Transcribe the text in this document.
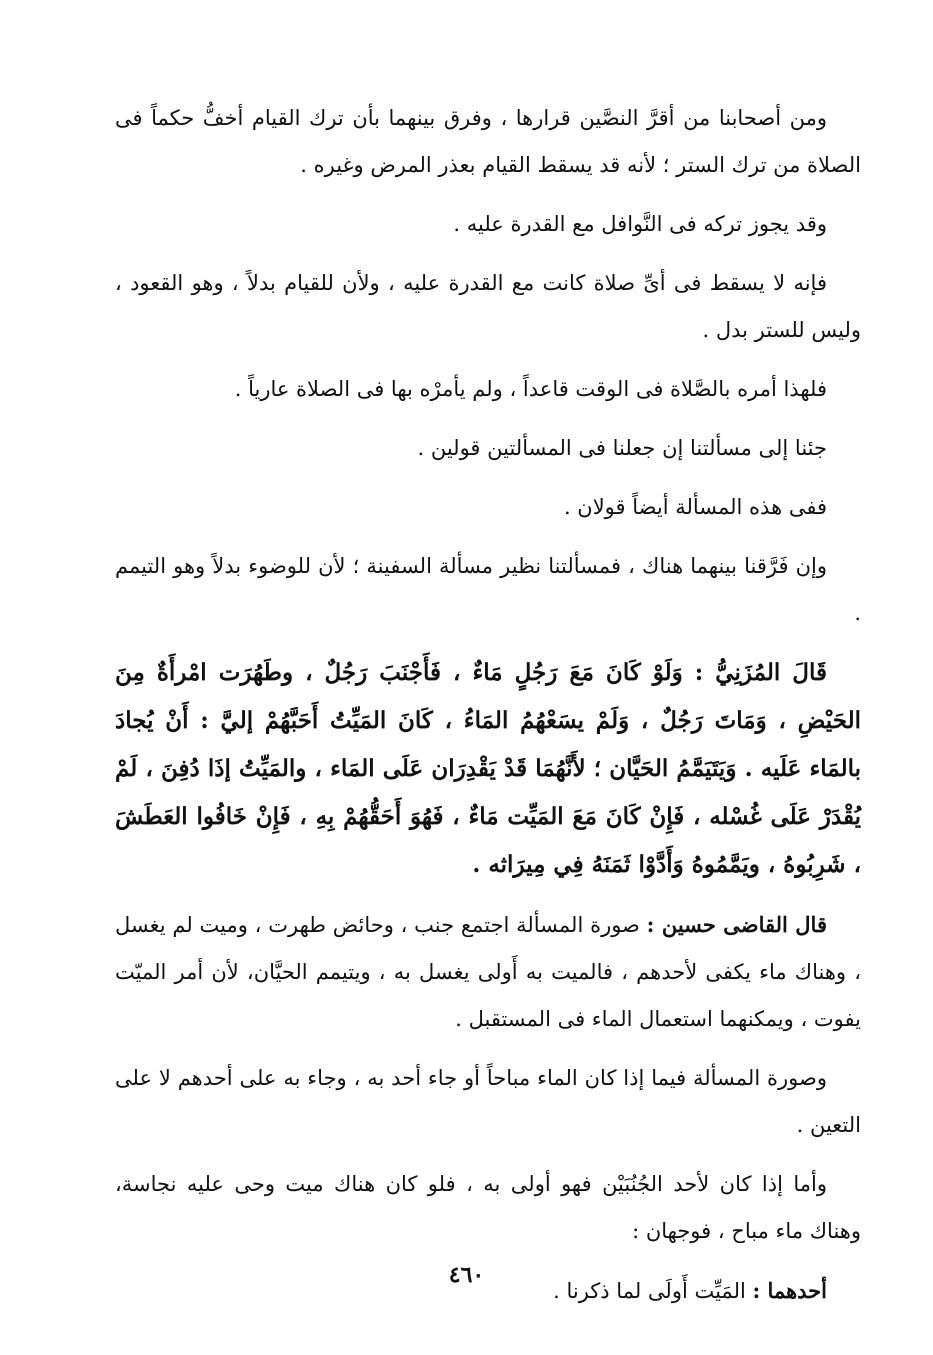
ومن أصحابنا من أقرَّ النصَّين قرارها ، وفرق بينهما بأن ترك القيام أخفُّ حكماً فى الصلاة من ترك الستر ؛ لأنه قد يسقط القيام بعذر المرض وغيره .

وقد يجوز تركه فى النَّوافل مع القدرة عليه .

فإنه لا يسقط فى أىِّ صلاة كانت مع القدرة عليه ، ولأن للقيام بدلاً ، وهو القعود ، وليس للستر بدل .

فلهذا أمره بالصَّلاة فى الوقت قاعداً ، ولم يأمرْه بها فى الصلاة عارياً .

جئنا إلى مسألتنا إن جعلنا فى المسألتين قولين .

ففى هذه المسألة أيضاً قولان .

وإن فَرَّقنا بينهما هناك ، فمسألتنا نظير مسألة السفينة ؛ لأن للوضوء بدلاً وهو التيمم .

قَالَ المُزَنِيُّ : وَلَوْ كَانَ مَعَ رَجُلٍ مَاءٌ ، فَأَجْنَبَ رَجُلٌ ، وطَهُرَت امْرأَةٌ مِنَ الحَيْضِ ، وَمَاتَ رَجُلٌ ، وَلَمْ يسَعْهُمُ المَاءُ ، كَانَ المَيِّتُ أَحَبَّهُمْ إليَّ : أَنْ يُجادَ بالمَاء عَلَيه . وَيَتَيَمَّمُ الحَيَّان ؛ لأَنَّهُمَا قَدْ يَقْدِرَان عَلَى المَاء ، والمَيِّتُ إذَا دُفِنَ ، لَمْ يُقْدَرْ عَلَى غُسْله ، فَإِنْ كَانَ مَعَ المَيِّت مَاءٌ ، فَهُوَ أَحَقُّهُمْ بِهِ ، فَإِنْ خَافُوا العَطَشَ ، شَرِبُوهُ ، ويَمَّمُوهُ وَأَدَّوْا ثَمَنَهُ فِي مِيرَاثه .

قال القاضى حسين : صورة المسألة اجتمع جنب ، وحائض طهرت ، وميت لم يغسل ، وهناك ماء يكفى لأحدهم ، فالميت به أَولى يغسل به ، ويتيمم الحيَّان، لأن أمر الميّت يفوت ، ويمكنهما استعمال الماء فى المستقبل .

وصورة المسألة فيما إذا كان الماء مباحاً أو جاء أحد به ، وجاء به على أحدهم لا على التعين .

وأما إذا كان لأحد الجُنُبَيْن فهو أولى به ، فلو كان هناك ميت وحى عليه نجاسة، وهناك ماء مباح ، فوجهان :

أحدهما : المَيِّت أَولَى لما ذكرنا .

٤٦٠
